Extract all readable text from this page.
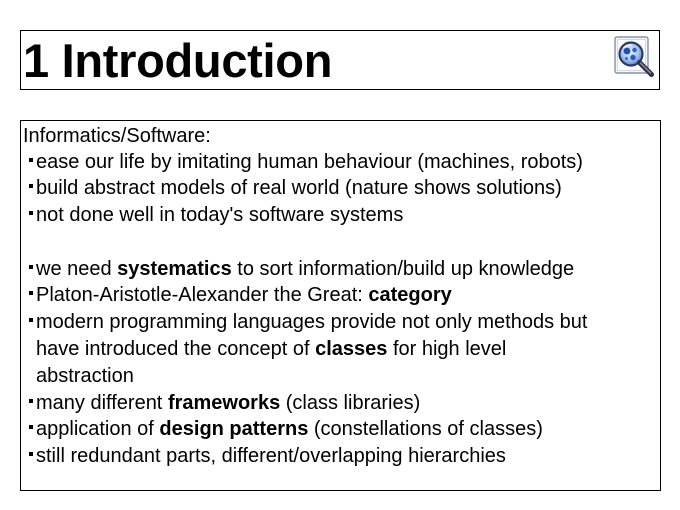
1 Introduction
Informatics/Software:
ease our life by imitating human behaviour (machines, robots)
build abstract models of real world (nature shows solutions)
not done well in today's software systems
we need systematics to sort information/build up knowledge
Platon-Aristotle-Alexander the Great: category
modern programming languages provide not only methods but
have introduced the concept of classes for high level
abstraction
many different frameworks (class libraries)
application of design patterns (constellations of classes)
still redundant parts, different/overlapping hierarchies
